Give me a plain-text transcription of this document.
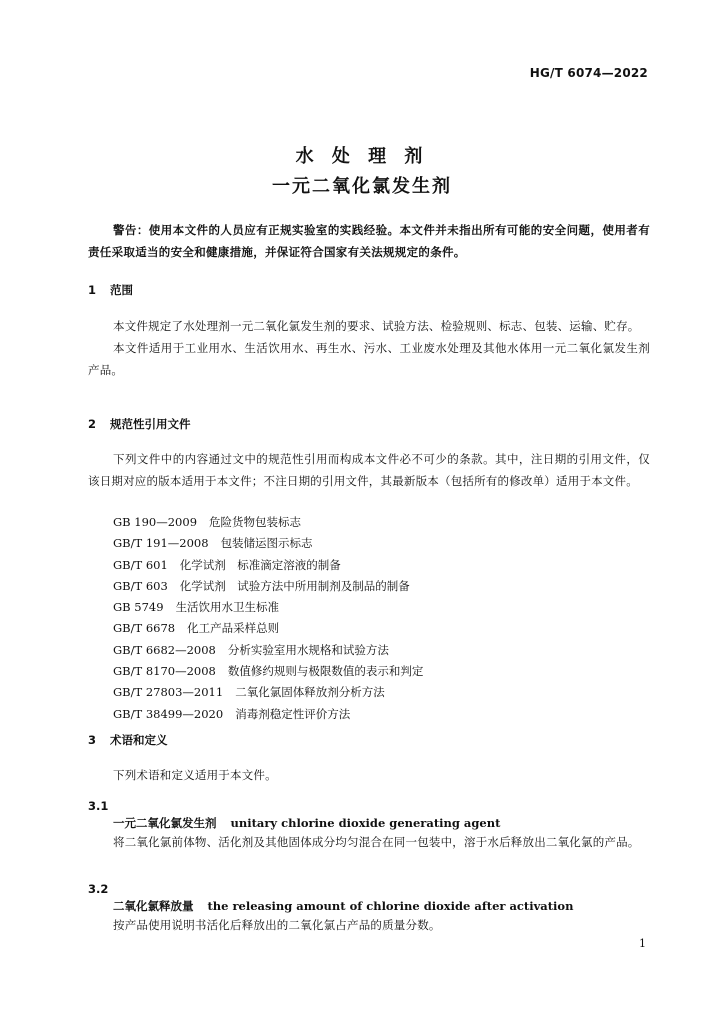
HG/T 6074—2022
水 处 理 剂
一元二氧化氯发生剂
警告：使用本文件的人员应有正规实验室的实践经验。本文件并未指出所有可能的安全问题，使用者有责任采取适当的安全和健康措施，并保证符合国家有关法规规定的条件。
1 范围

本文件规定了水处理剂一元二氧化氯发生剂的要求、试验方法、检验规则、标志、包装、运输、贮存。

本文件适用于工业用水、生活饮用水、再生水、污水、工业废水处理及其他水体用一元二氧化氯发生剂产品。

2 规范性引用文件

下列文件中的内容通过文中的规范性引用而构成本文件必不可少的条款。其中，注日期的引用文件，仅该日期对应的版本适用于本文件；不注日期的引用文件，其最新版本（包括所有的修改单）适用于本文件。

GB 190—2009 危险货物包装标志
GB/T 191—2008 包装储运图示标志
GB/T 601 化学试剂　标准滴定溶液的制备
GB/T 603 化学试剂　试验方法中所用制剂及制品的制备
GB 5749 生活饮用水卫生标准
GB/T 6678 化工产品采样总则
GB/T 6682—2008 分析实验室用水规格和试验方法
GB/T 8170—2008 数值修约规则与极限数值的表示和判定
GB/T 27803—2011 二氧化氯固体释放剂分析方法
GB/T 38499—2020 消毒剂稳定性评价方法
3 术语和定义

下列术语和定义适用于本文件。

3.1
一元二氧化氯发生剂 unitary chlorine dioxide generating agent

将二氧化氯前体物、活化剂及其他固体成分均匀混合在同一包装中，溶于水后释放出二氧化氯的产品。

3.2
二氧化氯释放量 the releasing amount of chlorine dioxide after activation

按产品使用说明书活化后释放出的二氧化氯占产品的质量分数。

1
